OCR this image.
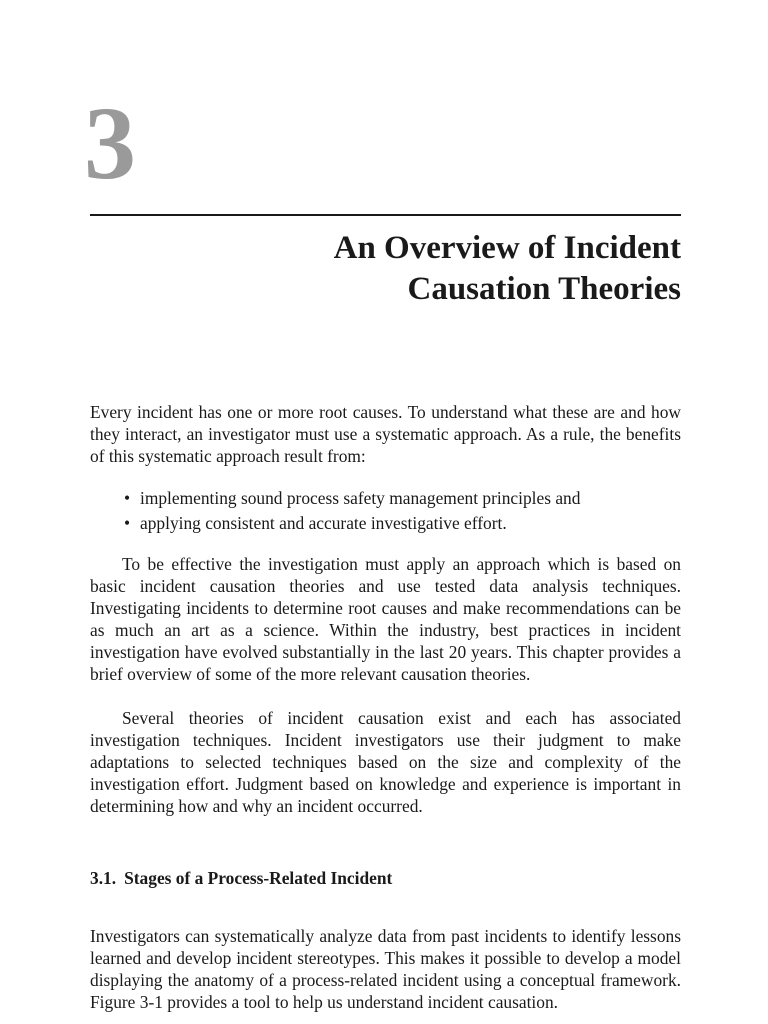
3
An Overview of Incident
Causation Theories

Every incident has one or more root causes. To understand what these are and how they interact, an investigator must use a systematic approach. As a rule, the benefits of this systematic approach result from:

• implementing sound process safety management principles and
• applying consistent and accurate investigative effort.

To be effective the investigation must apply an approach which is based on basic incident causation theories and use tested data analysis techniques. Investigating incidents to determine root causes and make recommendations can be as much an art as a science. Within the industry, best practices in incident investigation have evolved substantially in the last 20 years. This chapter provides a brief overview of some of the more relevant causation theories.

Several theories of incident causation exist and each has associated investigation techniques. Incident investigators use their judgment to make adaptations to selected techniques based on the size and complexity of the investigation effort. Judgment based on knowledge and experience is important in determining how and why an incident occurred.

3.1. Stages of a Process-Related Incident

Investigators can systematically analyze data from past incidents to identify lessons learned and develop incident stereotypes. This makes it possible to develop a model displaying the anatomy of a process-related incident using a conceptual framework. Figure 3-1 provides a tool to help us understand incident causation.
